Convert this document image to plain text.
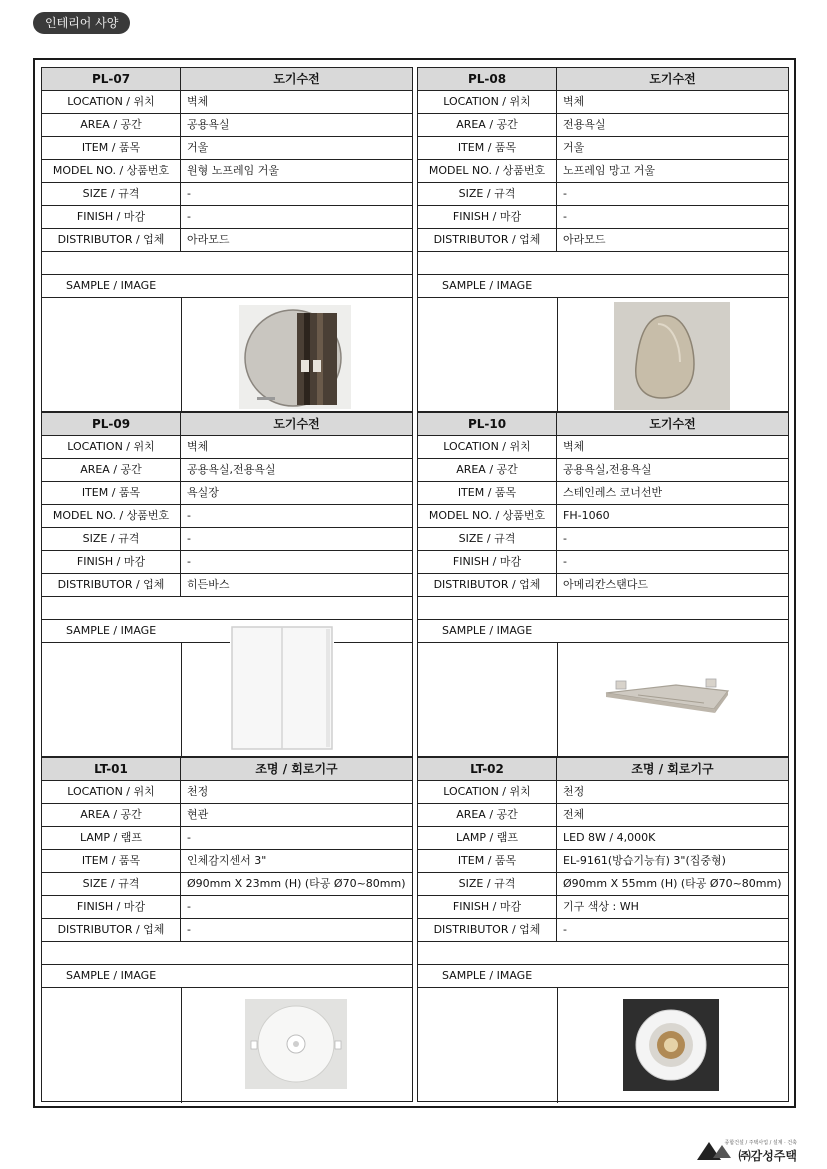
인테리어 사양
PL-07	도기수전
LOCATION / 위치	벽체
AREA / 공간	공용욕실
ITEM / 품목	거울
MODEL NO. / 상품번호	원형 노프레임 거울
SIZE / 규격	-
FINISH / 마감	-
DISTRIBUTOR / 업체	아라모드
SAMPLE / IMAGE
PL-08	도기수전
LOCATION / 위치	벽체
AREA / 공간	전용욕실
ITEM / 품목	거울
MODEL NO. / 상품번호	노프레임 망고 거울
SIZE / 규격	-
FINISH / 마감	-
DISTRIBUTOR / 업체	아라모드
SAMPLE / IMAGE
PL-09	도기수전
LOCATION / 위치	벽체
AREA / 공간	공용욕실,전용욕실
ITEM / 품목	욕실장
MODEL NO. / 상품번호	-
SIZE / 규격	-
FINISH / 마감	-
DISTRIBUTOR / 업체	히든바스
SAMPLE / IMAGE
PL-10	도기수전
LOCATION / 위치	벽체
AREA / 공간	공용욕실,전용욕실
ITEM / 품목	스테인레스 코너선반
MODEL NO. / 상품번호	FH-1060
SIZE / 규격	-
FINISH / 마감	-
DISTRIBUTOR / 업체	아메리칸스탠다드
SAMPLE / IMAGE
LT-01	조명 / 회로기구
LOCATION / 위치	천정
AREA / 공간	현관
LAMP / 램프	-
ITEM / 품목	인체감지센서 3"
SIZE / 규격	Ø90mm X 23mm (H) (타공 Ø70~80mm)
FINISH / 마감	-
DISTRIBUTOR / 업체	-
SAMPLE / IMAGE
LT-02	조명 / 회로기구
LOCATION / 위치	천정
AREA / 공간	전체
LAMP / 램프	LED 8W / 4,000K
ITEM / 품목	EL-9161(방습기능有) 3"(집중형)
SIZE / 규격	Ø90mm X 55mm (H) (타공 Ø70~80mm)
FINISH / 마감	기구 색상 : WH
DISTRIBUTOR / 업체	-
SAMPLE / IMAGE
종합건설 / 주택사업 / 설계 · 건축
㈜감성주택
